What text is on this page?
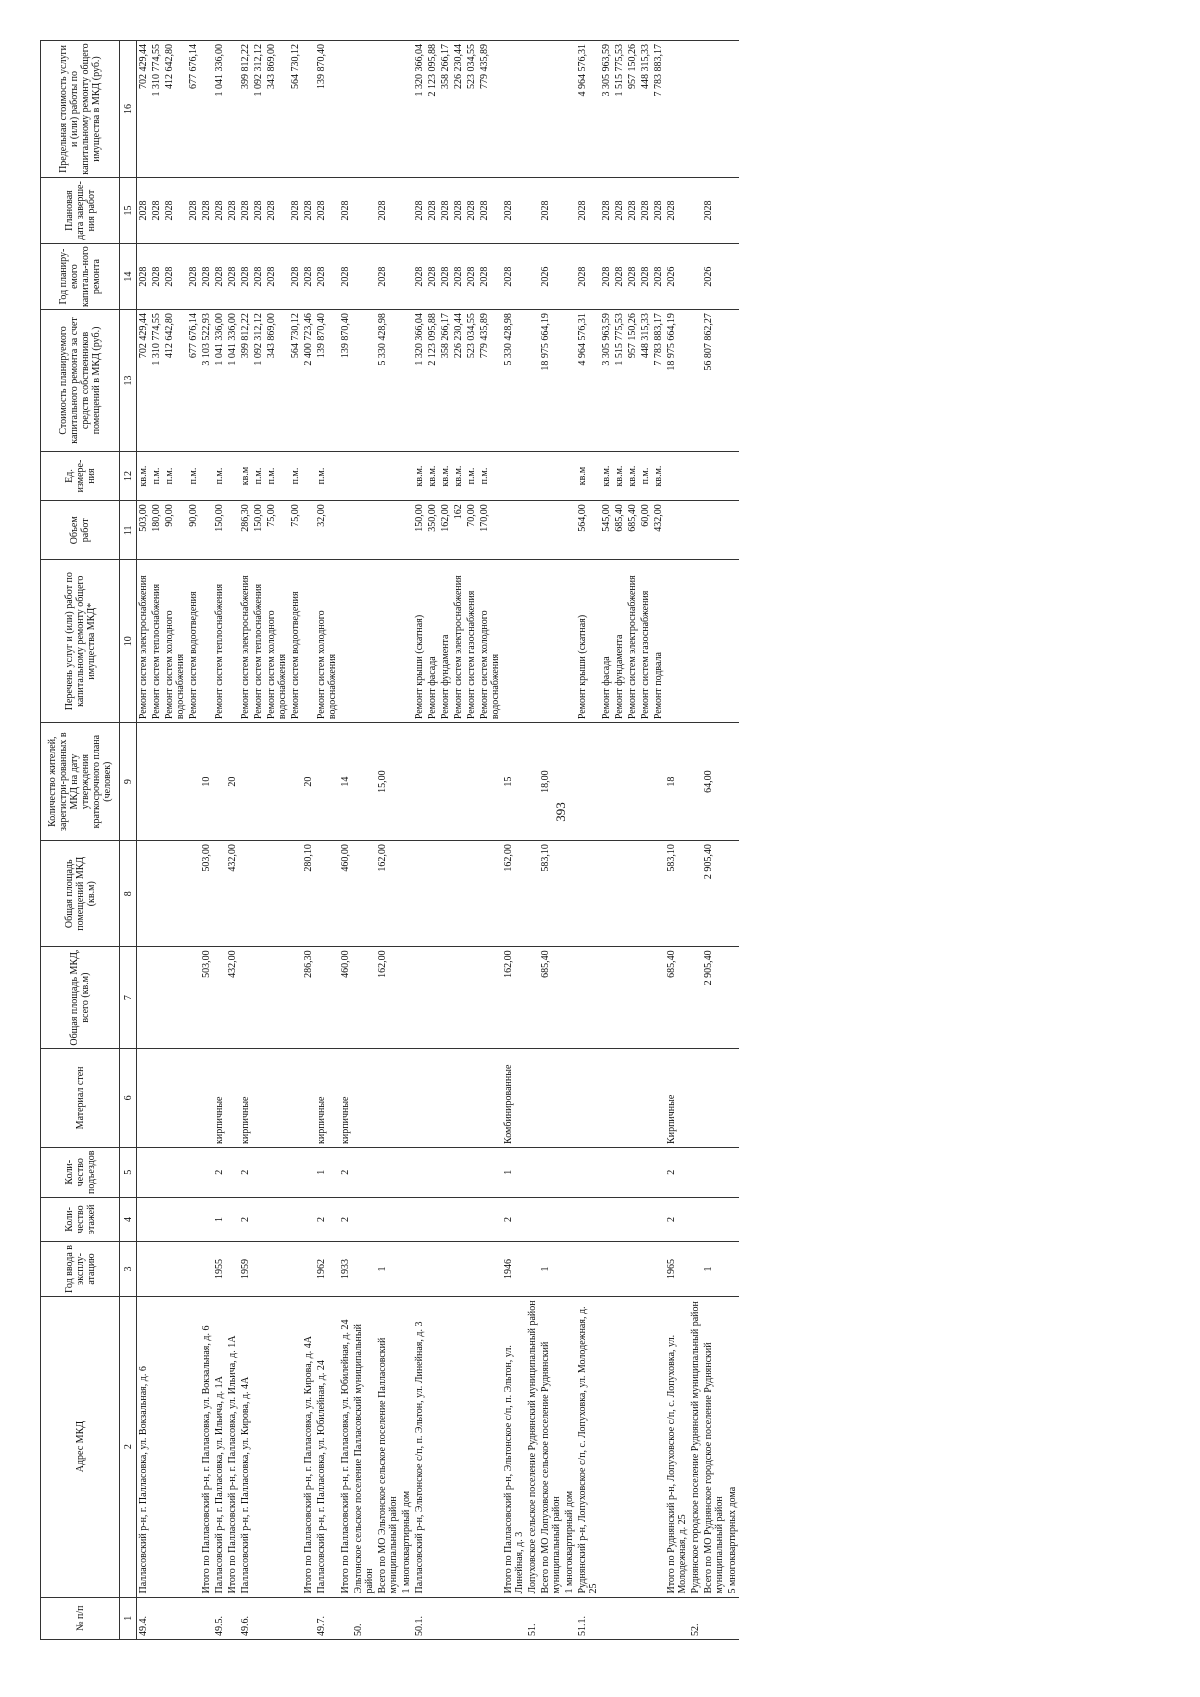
393
№ п/п	Адрес МКД	Год ввода в эксплу-атацию	Коли-чество этажей	Коли-чество подъездов	Материал стен	Общая площадь МКД, всего (кв.м)	Общая площадь помещений МКД (кв.м)	Количество жителей, зарегистри-рованных в МКД на дату утверждения краткосрочного плана (человек)	Перечень услуг и (или) работ по капитальному ремонту общего имущества МКД*	Объем работ	Ед. измере-ния	Стоимость планируемого капитального ремонта за счет средств собственников помещений в МКД (руб.)	Год планиру-емого капиталь-ного ремонта	Плановая дата заверше-ния работ	Предельная стоимость услуги и (или) работы по капитальному ремонту общего имущества в МКД (руб.)
1	2	3	4	5	6	7	8	9	10	11	12	13	14	15	16
49.4.	Палласовский р-н, г. Палласовка, ул. Вокзальная, д. 6								Ремонт систем электроснабжения	503,00	кв.м.	702 429,44	2028	2028	702 429,44
									Ремонт систем теплоснабжения	180,00	п.м.	1 310 774,55	2028	2028	1 310 774,55
									Ремонт систем холодного водоснабжения	90,00	п.м.	412 642,80	2028	2028	412 642,80
									Ремонт систем водоотведения	90,00	п.м.	677 676,14	2028	2028	677 676,14
	Итого по Палласовский р-н, г. Палласовка, ул. Вокзальная, д. 6					503,00	503,00	10				3 103 522,93	2028	2028	
49.5.	Палласовский р-н, г. Палласовка, ул. Ильича, д. 1А	1955	1	2	кирпичные				Ремонт систем теплоснабжения	150,00	п.м.	1 041 336,00	2028	2028	1 041 336,00
	Итого по Палласовский р-н, г. Палласовка, ул. Ильича, д. 1А					432,00	432,00	20				1 041 336,00	2028	2028	
49.6.	Палласовский р-н, г. Палласовка, ул. Кирова, д. 4А	1959	2	2	кирпичные				Ремонт систем электроснабжения	286,30	кв.м	399 812,22	2028	2028	399 812,22
									Ремонт систем теплоснабжения	150,00	п.м.	1 092 312,12	2028	2028	1 092 312,12
									Ремонт систем холодного водоснабжения	75,00	п.м.	343 869,00	2028	2028	343 869,00
									Ремонт систем водоотведения	75,00	п.м.	564 730,12	2028	2028	564 730,12
	Итого по Палласовский р-н, г. Палласовка, ул. Кирова, д. 4А					286,30	280,10	20				2 400 723,46	2028	2028	
49.7.	Палласовский р-н, г. Палласовка, ул. Юбилейная, д. 24	1962	2	1	кирпичные				Ремонт систем холодного водоснабжения	32,00	п.м.	139 870,40	2028	2028	139 870,40
	Итого по Палласовский р-н, г. Палласовка, ул. Юбилейная, д. 24	1933	2	2	кирпичные	460,00	460,00	14				139 870,40	2028	2028	
50.	Эльтонское сельское поселение Палласовский муниципальный район														
	Всего по МО Эльтонское сельское поселение Палласовский муниципальный район	1				162,00	162,00	15,00				5 330 428,98	2028	2028	
	1 многоквартирный дом														
50.1.	Палласовский р-н, Эльтонское с/п, п. Эльтон, ул. Линейная, д. 3								Ремонт крыши (скатная)	150,00	кв.м.	1 320 366,04	2028	2028	1 320 366,04
									Ремонт фасада	350,00	кв.м.	2 123 095,88	2028	2028	2 123 095,88
									Ремонт фундамента	162,00	кв.м.	358 266,17	2028	2028	358 266,17
									Ремонт систем электроснабжения	162	кв.м.	226 230,44	2028	2028	226 230,44
									Ремонт систем газоснабжения	70,00	п.м.	523 034,55	2028	2028	523 034,55
									Ремонт систем холодного водоснабжения	170,00	п.м.	779 435,89	2028	2028	779 435,89
	Итого по Палласовский р-н, Эльтонское с/п, п. Эльтон, ул. Линейная, д. 3	1946	2	1	Комбинированные	162,00	162,00	15				5 330 428,98	2028	2028	
51.	Лопуховское сельское поселение Руднянский муниципальный район														
	Всего по МО Лопуховское сельское поселение Руднянский муниципальный район	1				685,40	583,10	18,00				18 975 664,19	2026	2028	
	1 многоквартирный дом														
51.1.	Руднянский р-н, Лопуховское с/п, с. Лопуховка, ул. Молодежная, д. 25								Ремонт крыши (скатная)	564,00	кв.м	4 964 576,31	2028	2028	4 964 576,31
									Ремонт фасада	545,00	кв.м.	3 305 963,59	2028	2028	3 305 963,59
									Ремонт фундамента	685,40	кв.м.	1 515 775,53	2028	2028	1 515 775,53
									Ремонт систем электроснабжения	685,40	кв.м.	957 150,26	2028	2028	957 150,26
									Ремонт систем газоснабжения	60,00	п.м.	448 315,33	2028	2028	448 315,33
									Ремонт подвала	432,00	кв.м.	7 783 883,17	2028	2028	7 783 883,17
	Итого по Руднянский р-н, Лопуховское с/п, с. Лопуховка, ул. Молодежная, д. 25	1965	2	2	Кирпичные	685,40	583,10	18				18 975 664,19	2026	2028	
52.	Руднянское городское поселение Руднянский муниципальный район														
	Всего по МО Руднянское городское поселение Руднянский муниципальный район	1				2 905,40	2 905,40	64,00				56 807 862,27	2026	2028	
	5 многоквартирных дома														
